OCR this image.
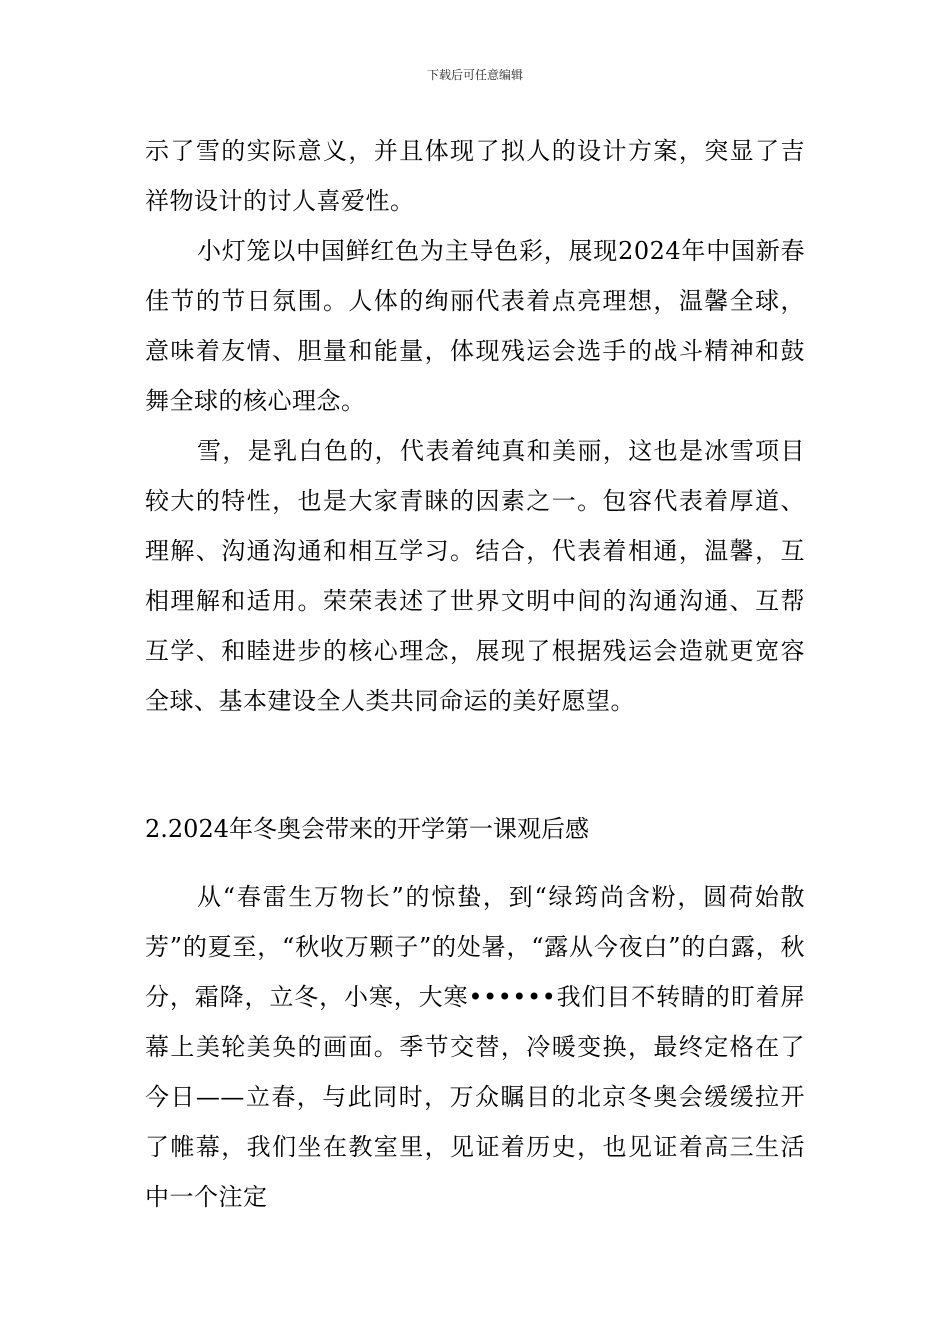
下载后可任意编辑

示了雪的实际意义，并且体现了拟人的设计方案，突显了吉祥物设计的讨人喜爱性。

小灯笼以中国鲜红色为主导色彩，展现2024年中国新春佳节的节日氛围。人体的绚丽代表着点亮理想，温馨全球，意味着友情、胆量和能量，体现残运会选手的战斗精神和鼓舞全球的核心理念。

雪，是乳白色的，代表着纯真和美丽，这也是冰雪项目较大的特性，也是大家青睐的因素之一。包容代表着厚道、理解、沟通沟通和相互学习。结合，代表着相通，温馨，互相理解和适用。荣荣表述了世界文明中间的沟通沟通、互帮互学、和睦进步的核心理念，展现了根据残运会造就更宽容全球、基本建设全人类共同命运的美好愿望。

2.2024年冬奥会带来的开学第一课观后感

从“春雷生万物长”的惊蛰，到“绿筠尚含粉，圆荷始散芳”的夏至，“秋收万颗子”的处暑，“露从今夜白”的白露，秋分，霜降，立冬，小寒，大寒••••••我们目不转睛的盯着屏幕上美轮美奂的画面。季节交替，冷暖变换，最终定格在了今日——立春，与此同时，万众瞩目的北京冬奥会缓缓拉开了帷幕，我们坐在教室里，见证着历史，也见证着高三生活中一个注定
